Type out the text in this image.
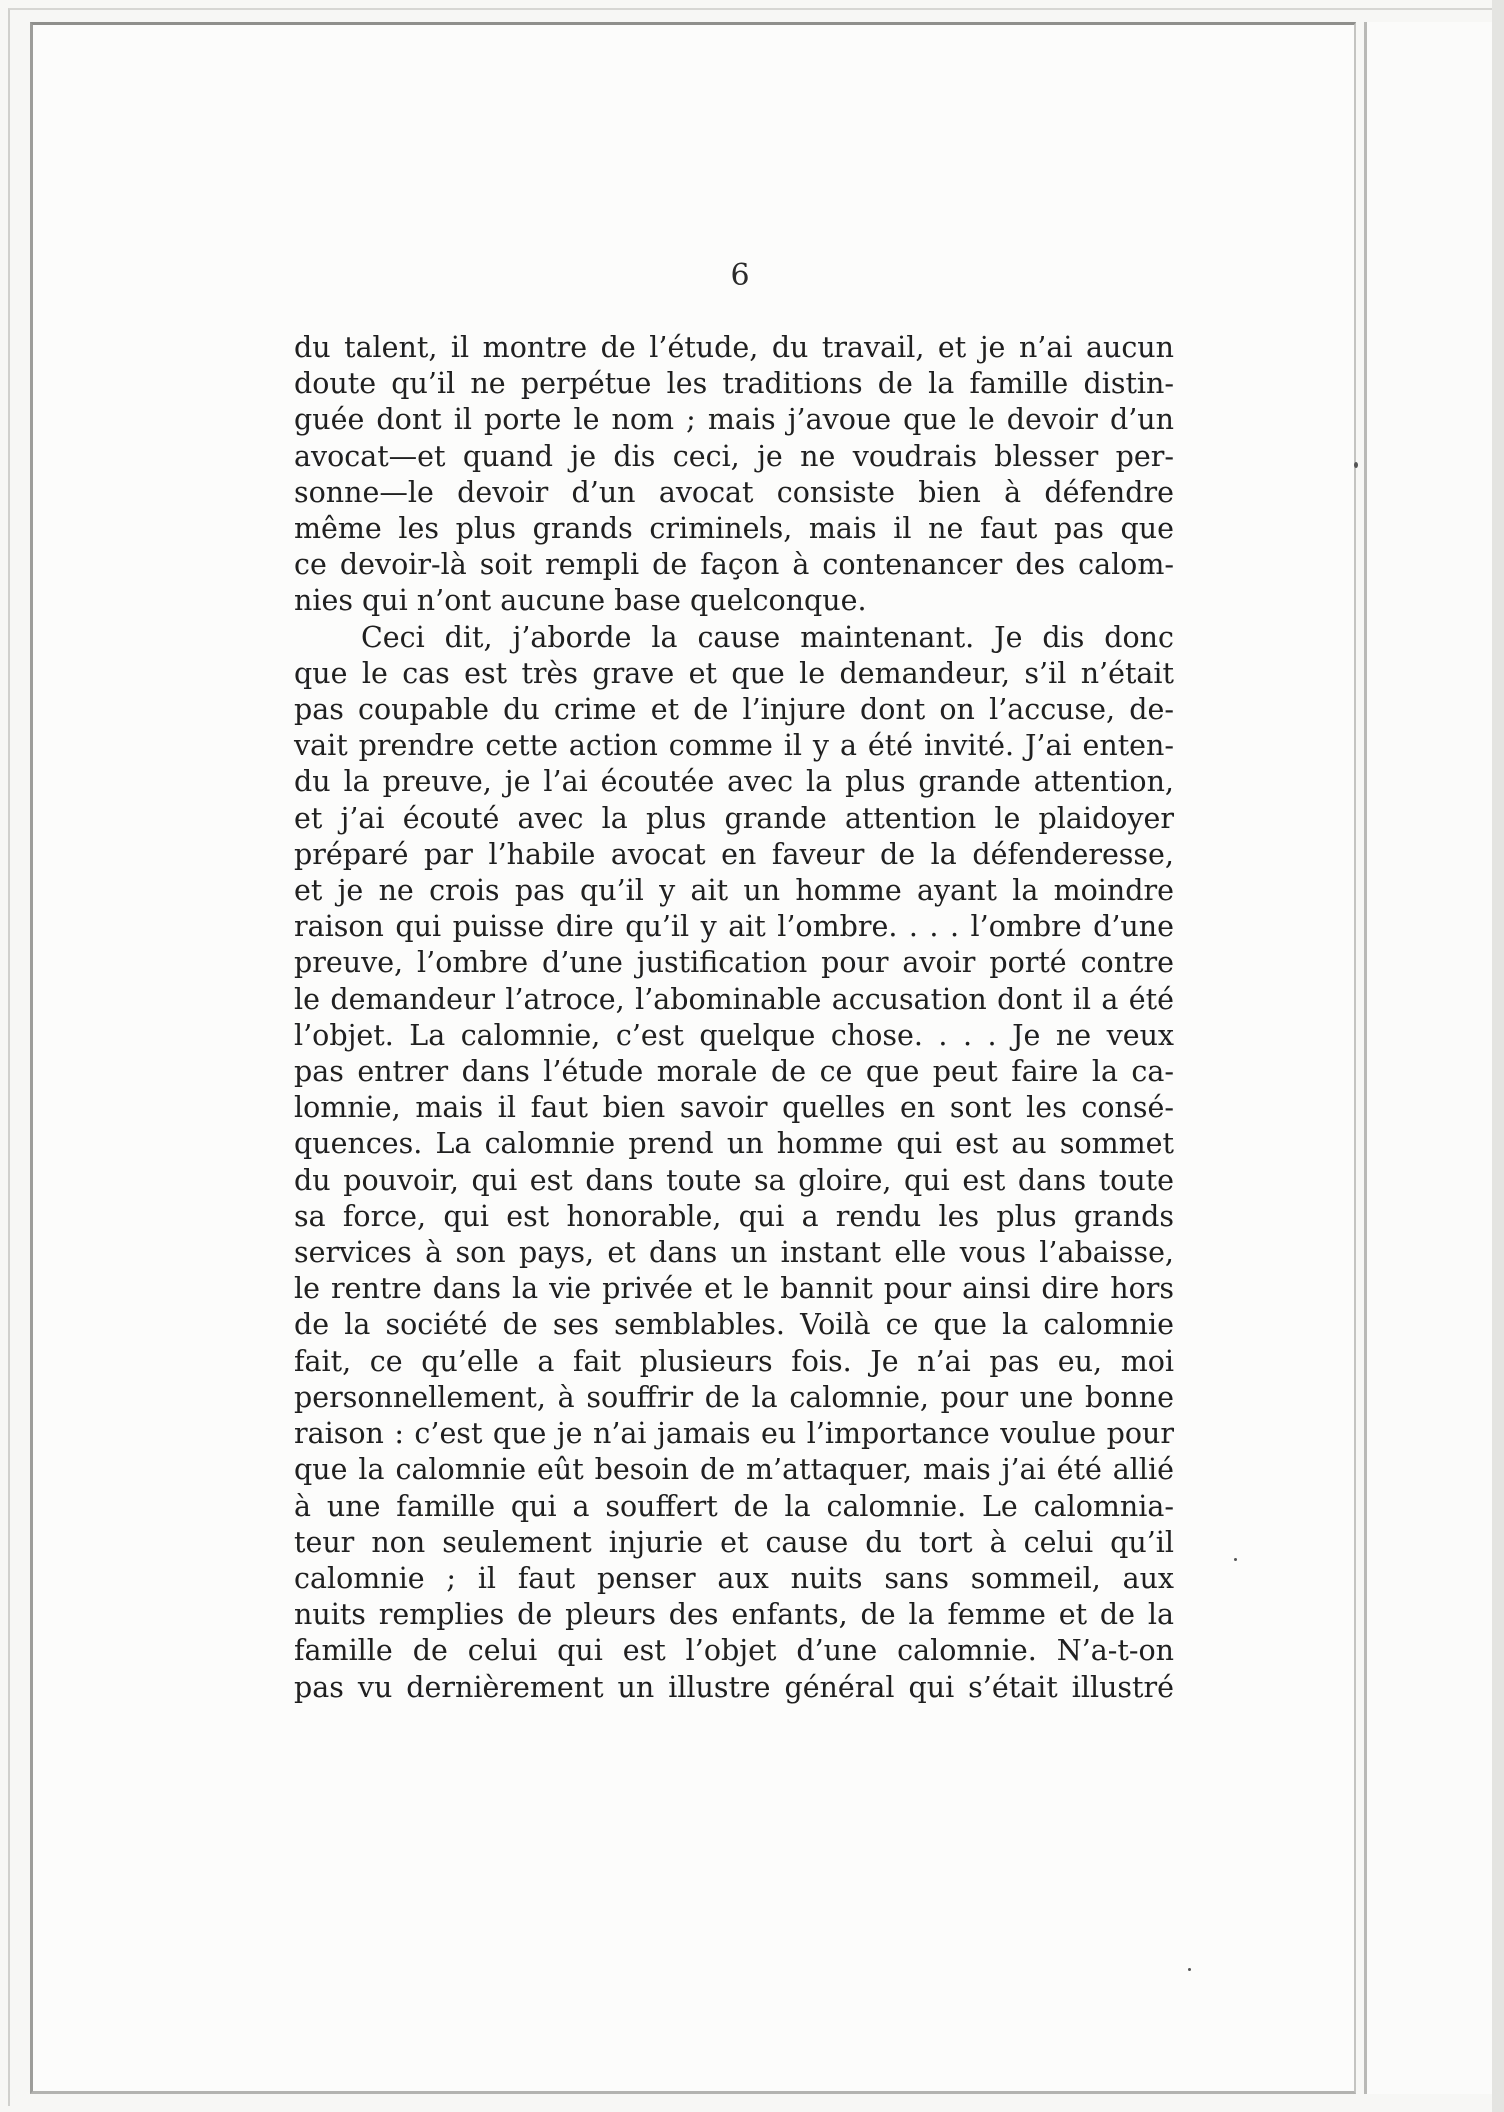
6
du talent, il montre de l’étude, du travail, et je n’ai aucun
doute qu’il ne perpétue les traditions de la famille distin-
guée dont il porte le nom ; mais j’avoue que le devoir d’un
avocat—et quand je dis ceci, je ne voudrais blesser per-
sonne—le devoir d’un avocat consiste bien à défendre
même les plus grands criminels, mais il ne faut pas que
ce devoir-là soit rempli de façon à contenancer des calom-
nies qui n’ont aucune base quelconque.
Ceci dit, j’aborde la cause maintenant. Je dis donc
que le cas est très grave et que le demandeur, s’il n’était
pas coupable du crime et de l’injure dont on l’accuse, de-
vait prendre cette action comme il y a été invité. J’ai enten-
du la preuve, je l’ai écoutée avec la plus grande attention,
et j’ai écouté avec la plus grande attention le plaidoyer
préparé par l’habile avocat en faveur de la défenderesse,
et je ne crois pas qu’il y ait un homme ayant la moindre
raison qui puisse dire qu’il y ait l’ombre. . . . l’ombre d’une
preuve, l’ombre d’une justification pour avoir porté contre
le demandeur l’atroce, l’abominable accusation dont il a été
l’objet. La calomnie, c’est quelque chose. . . . Je ne veux
pas entrer dans l’étude morale de ce que peut faire la ca-
lomnie, mais il faut bien savoir quelles en sont les consé-
quences. La calomnie prend un homme qui est au sommet
du pouvoir, qui est dans toute sa gloire, qui est dans toute
sa force, qui est honorable, qui a rendu les plus grands
services à son pays, et dans un instant elle vous l’abaisse,
le rentre dans la vie privée et le bannit pour ainsi dire hors
de la société de ses semblables. Voilà ce que la calomnie
fait, ce qu’elle a fait plusieurs fois. Je n’ai pas eu, moi
personnellement, à souffrir de la calomnie, pour une bonne
raison : c’est que je n’ai jamais eu l’importance voulue pour
que la calomnie eût besoin de m’attaquer, mais j’ai été allié
à une famille qui a souffert de la calomnie. Le calomnia-
teur non seulement injurie et cause du tort à celui qu’il
calomnie ; il faut penser aux nuits sans sommeil, aux
nuits remplies de pleurs des enfants, de la femme et de la
famille de celui qui est l’objet d’une calomnie. N’a-t-on
pas vu dernièrement un illustre général qui s’était illustré
